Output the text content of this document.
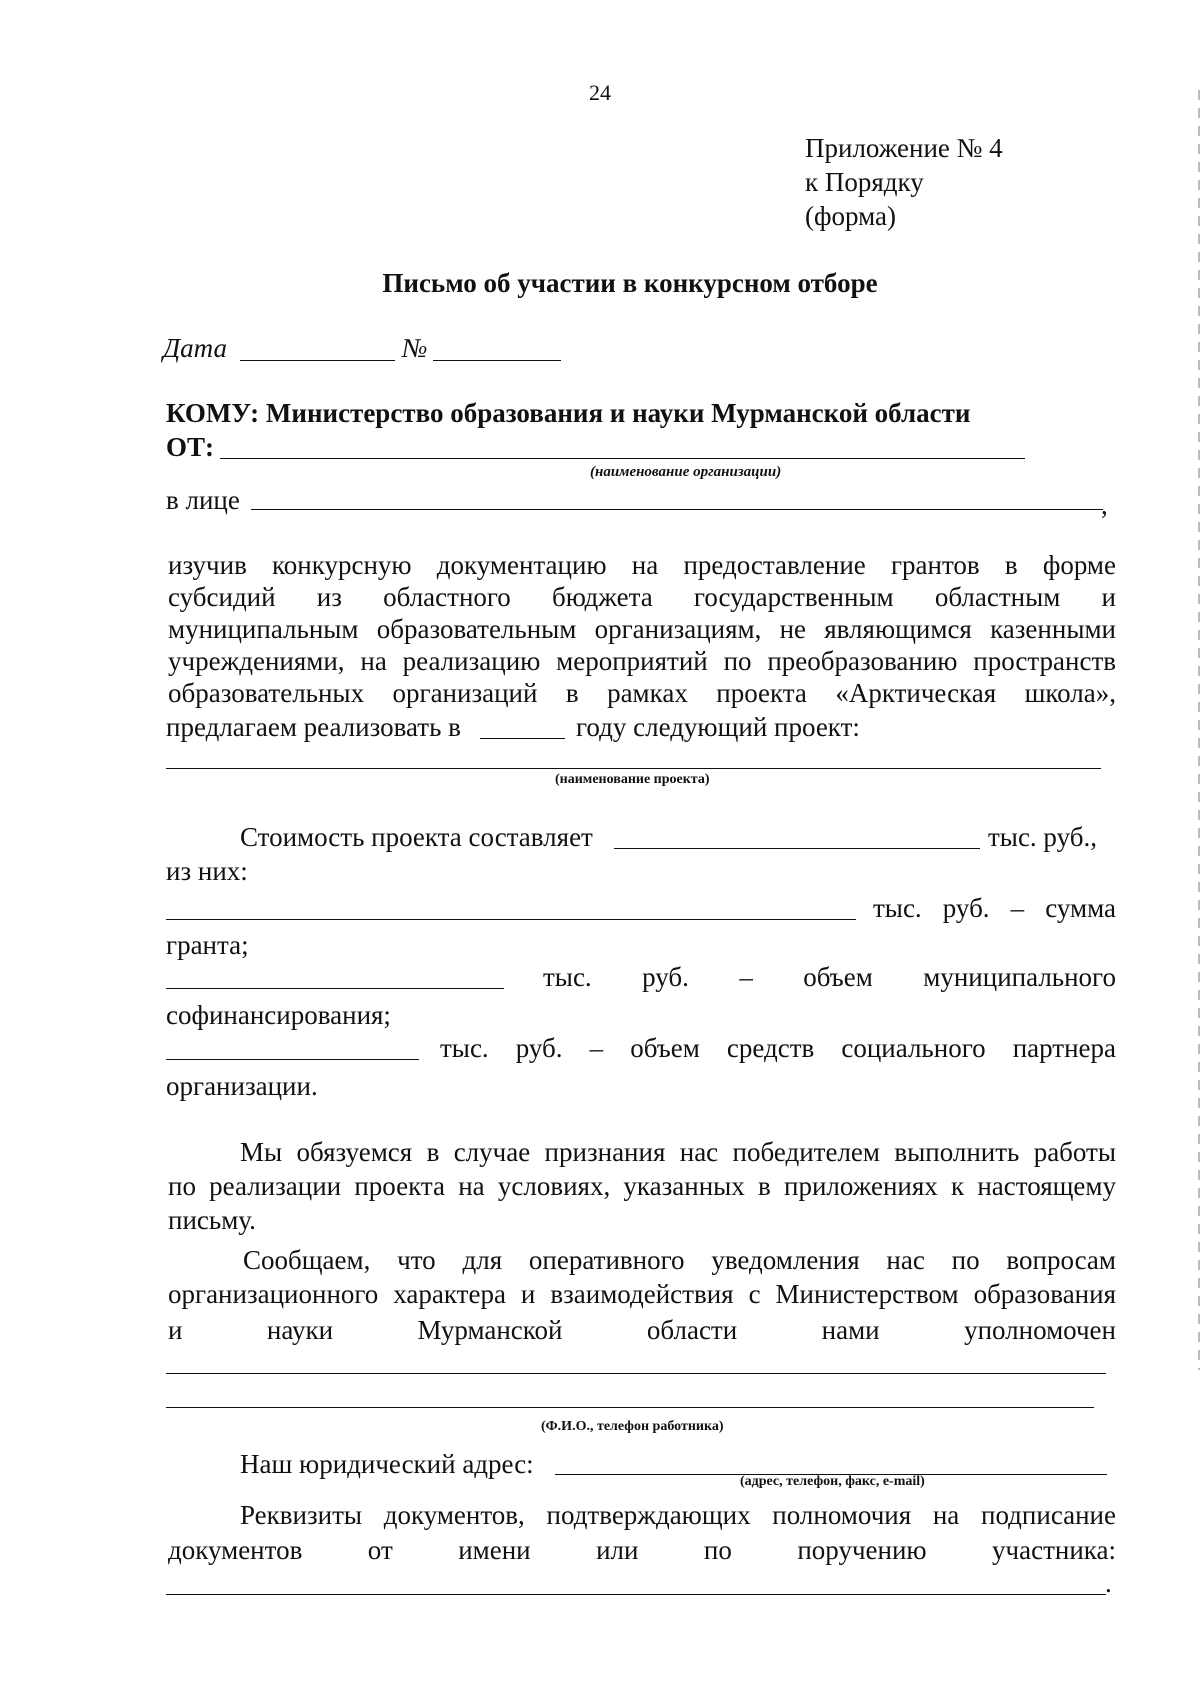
24
Приложение № 4
к Порядку
(форма)
Письмо об участии в конкурсном отборе
Дата	№
КОМУ: Министерство образования и науки Мурманской области
ОТ:
(наименование организации)
в лице	,
изучив конкурсную документацию на предоставление грантов в форме
субсидий из областного бюджета государственным областным и
муниципальным образовательным организациям, не являющимся казенными
учреждениями, на реализацию мероприятий по преобразованию пространств
образовательных организаций в рамках проекта «Арктическая школа»,
предлагаем реализовать в	году следующий проект:
(наименование проекта)
Стоимость проекта составляет	тыс. руб.,
из них:
тыс. руб. – сумма
гранта;
тыс. руб. – объем муниципального
софинансирования;
тыс. руб. – объем средств социального партнера
организации.
Мы обязуемся в случае признания нас победителем выполнить работы
по реализации проекта на условиях, указанных в приложениях к настоящему
письму.
Сообщаем, что для оперативного уведомления нас по вопросам
организационного характера и взаимодействия с Министерством образования
и науки Мурманской области нами уполномочен
(Ф.И.О., телефон работника)
Наш юридический адрес:
(адрес, телефон, факс, e-mail)
Реквизиты документов, подтверждающих полномочия на подписание
документов от имени или по поручению участника:
.
